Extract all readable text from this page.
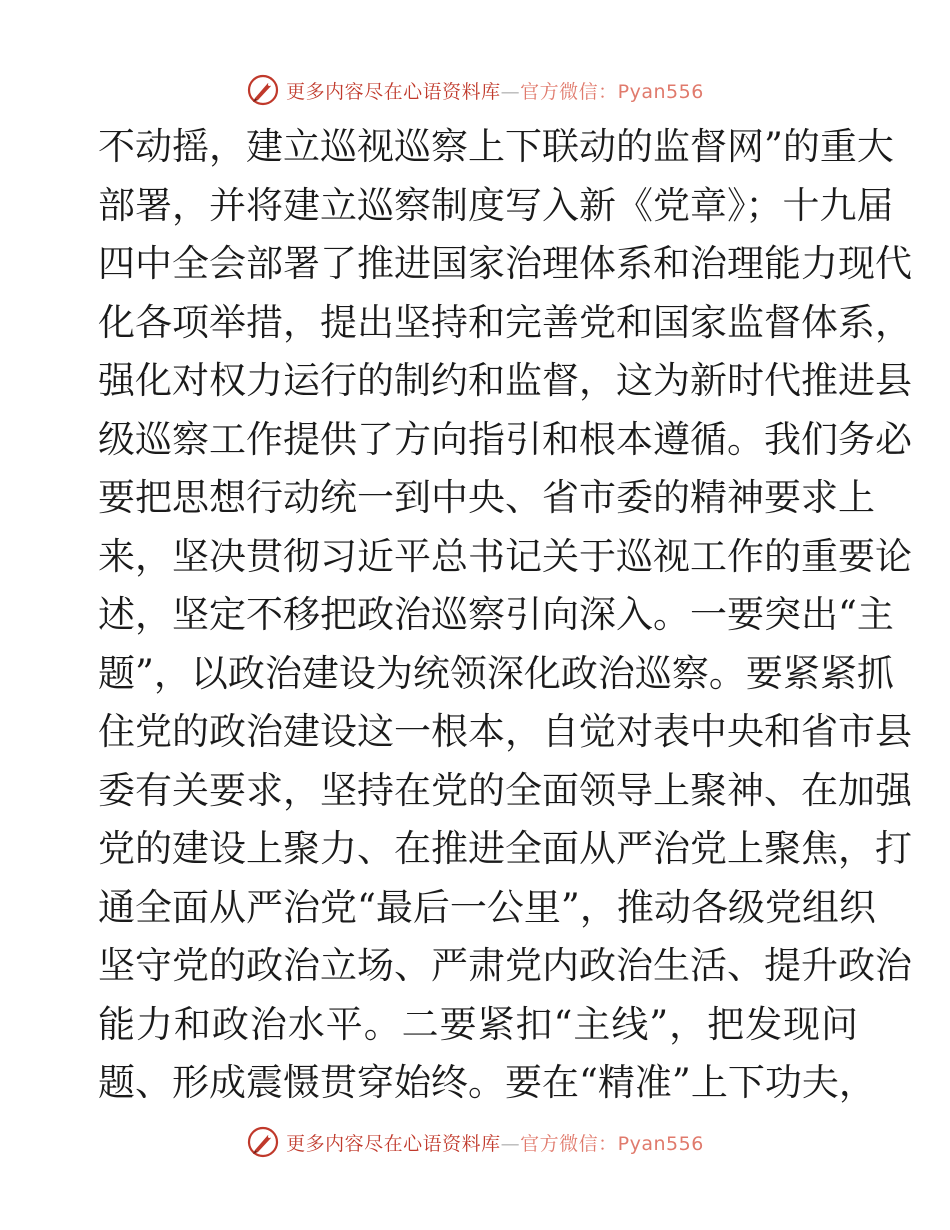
更多内容尽在心语资料库—官方微信：Pyan556
不动摇，建立巡视巡察上下联动的监督网”的重大
部署，并将建立巡察制度写入新《党章》；十九届
四中全会部署了推进国家治理体系和治理能力现代
化各项举措，提出坚持和完善党和国家监督体系，
强化对权力运行的制约和监督，这为新时代推进县
级巡察工作提供了方向指引和根本遵循。我们务必
要把思想行动统一到中央、省市委的精神要求上
来，坚决贯彻习近平总书记关于巡视工作的重要论
述，坚定不移把政治巡察引向深入。一要突出“主
题”，以政治建设为统领深化政治巡察。要紧紧抓
住党的政治建设这一根本，自觉对表中央和省市县
委有关要求，坚持在党的全面领导上聚神、在加强
党的建设上聚力、在推进全面从严治党上聚焦，打
通全面从严治党“最后一公里”，推动各级党组织
坚守党的政治立场、严肃党内政治生活、提升政治
能力和政治水平。二要紧扣“主线”，把发现问
题、形成震慑贯穿始终。要在“精准”上下功夫，
更多内容尽在心语资料库—官方微信：Pyan556
